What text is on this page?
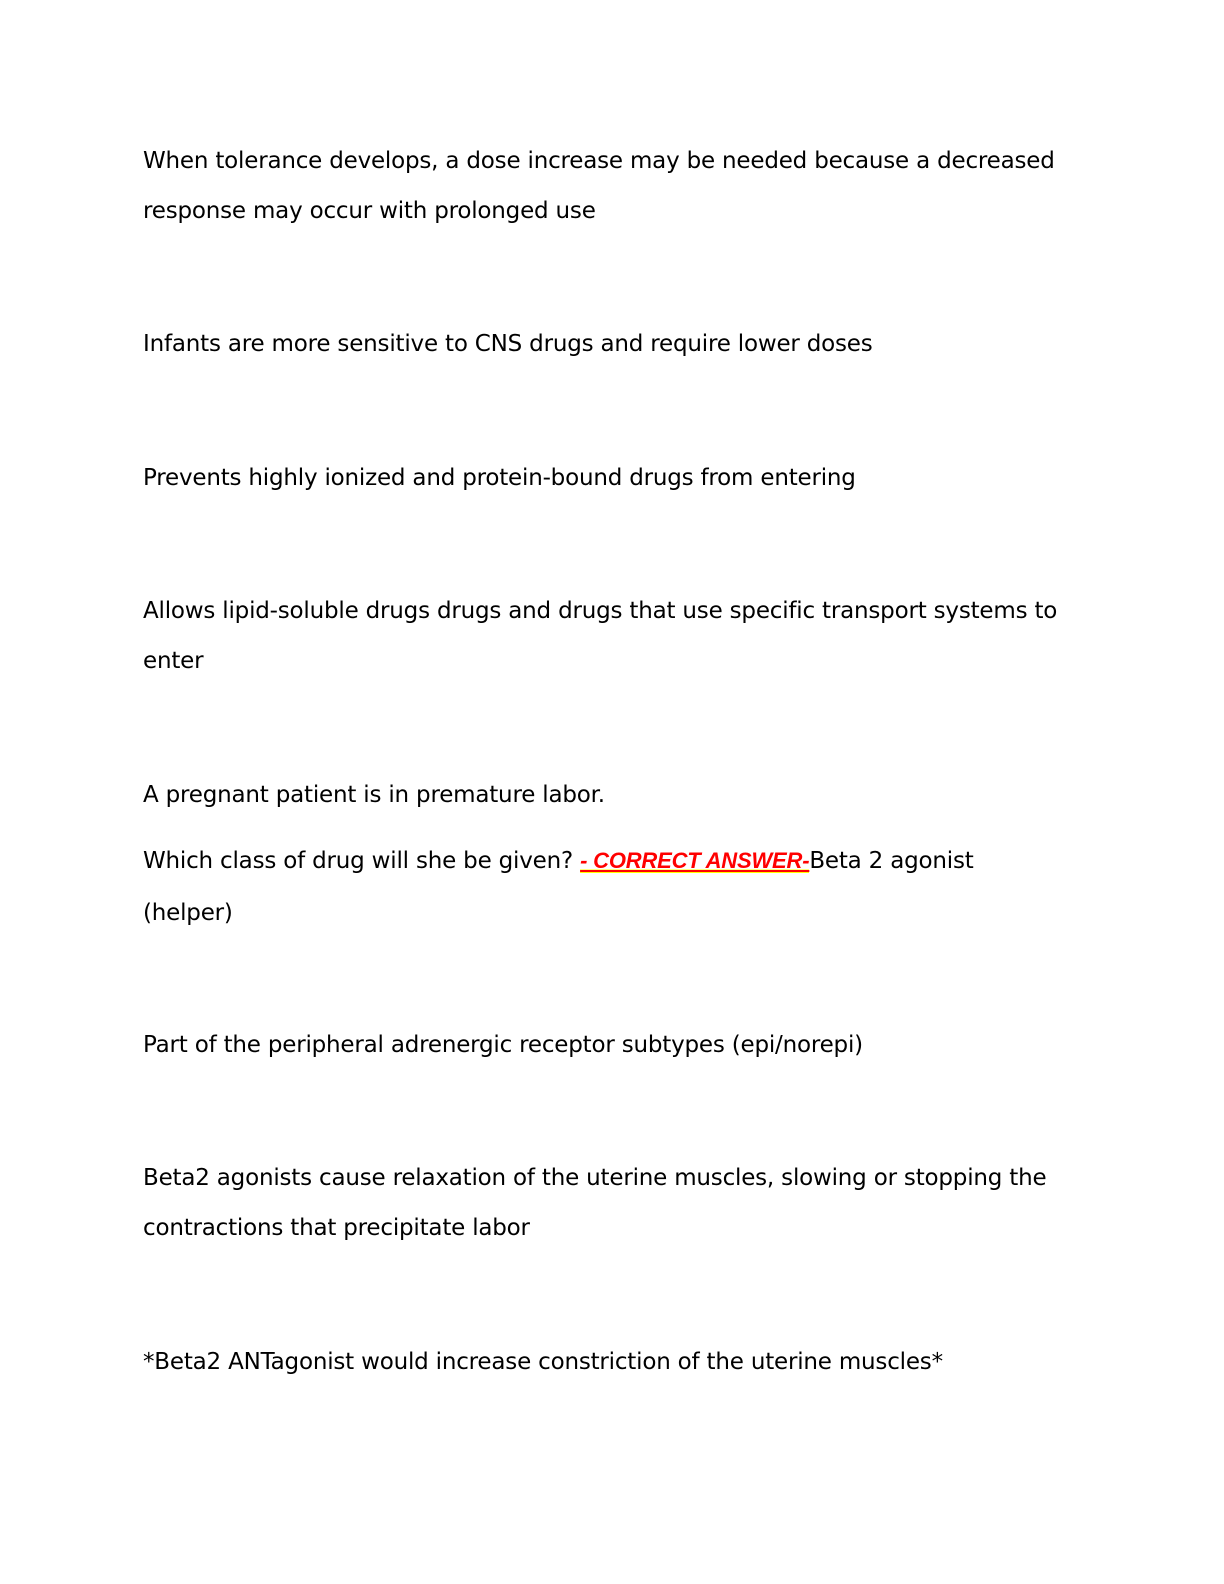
When tolerance develops, a dose increase may be needed because a decreased
response may occur with prolonged use
Infants are more sensitive to CNS drugs and require lower doses
Prevents highly ionized and protein-bound drugs from entering
Allows lipid-soluble drugs drugs and drugs that use specific transport systems to
enter
A pregnant patient is in premature labor.
Which class of drug will she be given? - CORRECT ANSWER-Beta 2 agonist
(helper)
Part of the peripheral adrenergic receptor subtypes (epi/norepi)
Beta2 agonists cause relaxation of the uterine muscles, slowing or stopping the
contractions that precipitate labor
*Beta2 ANTagonist would increase constriction of the uterine muscles*
